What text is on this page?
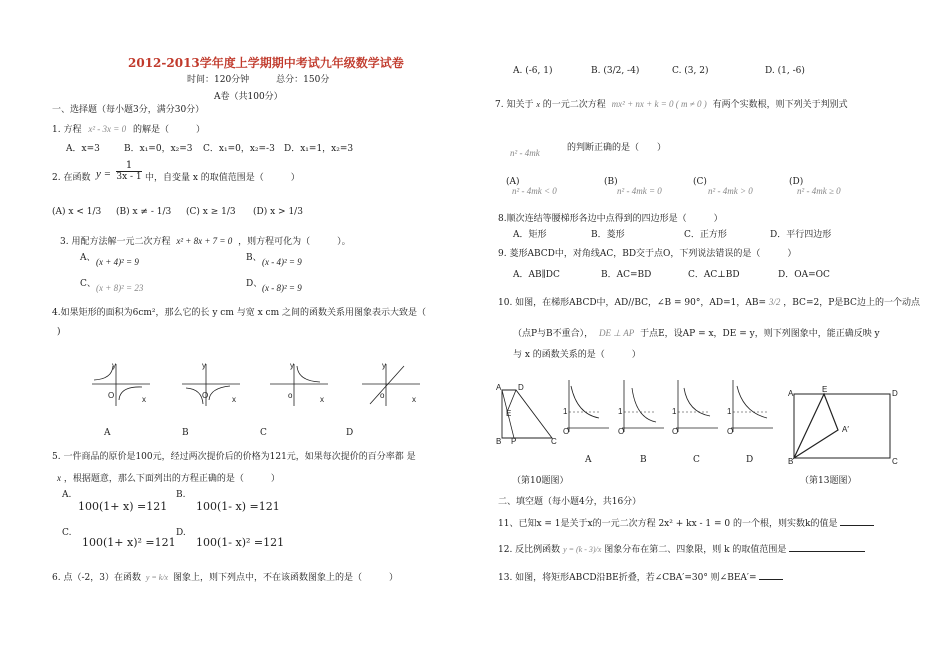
2012-2013学年度上学期期中考试九年级数学试卷
时间：120分钟　　　总分：150分
A卷（共100分）
一、选择题（每小题3分，满分30分）
1. 方程 x² - 3x = 0 的解是（　　　）
A．x=3	B．x₁=0，x₂=3 C．x₁=0，x₂=-3 D．x₁=1，x₂=3
2. 在函数 $y = \frac{1}{3x - 1}$ 中，自变量 x 的取值范围是（　　　）
(A) x < 1/3 (B) x ≠ - 1/3 (C) x ≥ 1/3 (D) x > 1/3
3. 用配方法解一元二次方程 x² + 8x + 7 = 0 ，则方程可化为（　　　）。
A、 (x + 4)² = 9	B、 (x - 4)² = 9
C、 (x + 8)² = 23	D、 (x - 8)² = 9
4.如果矩形的面积为6cm²，那么它的长 y cm 与宽 x cm 之间的函数关系用图象表示大致是（
)
y
O	x
y
O	x
y
o	x
y
o	x
A	B	C	D
5. 一件商品的原价是100元，经过两次提价后的价格为121元，如果每次提价的百分率都 是
x ，根据题意，那么下面列出的方程正确的是（　　　）
A.
100(1+ x) =121
B.
100(1- x) =121
C.
100(1+ x)² =121
D.
100(1- x)² =121
6. 点（-2，3）在函数 y = k/x 图象上，则下列点中，不在该函数图象上的是（　　　）
A. (-6, 1)	B. (3/2, -4)	C. (3, 2)	D. (1, -6)
7. 知关于 x 的一元二次方程 mx² + nx + k = 0 ( m ≠ 0 ) 有两个实数根，则下列关于判别式
n² - 4mk	的判断正确的是（　　）
(A)
n² - 4mk < 0
(B)
n² - 4mk = 0
(C)
n² - 4mk > 0
(D)
n² - 4mk ≥ 0
8.顺次连结等腰梯形各边中点得到的四边形是（　　　）
A．矩形	B．菱形	C．正方形	D．平行四边形
9. 菱形ABCD中，对角线AC，BD交于点O，下列说法错误的是（　　　）
A．AB∥DC	B．AC=BD	C．AC⊥BD	D．OA=OC
10. 如图，在梯形ABCD中，AD//BC，∠B = 90°，AD=1，AB= 3/2 ，BC=2，P是BC边上的一个动点
（点P与B不重合）， DE ⊥ AP 于点E，设AP = x，DE = y，则下列图象中，能正确反映 y
与 x 的函数关系的是（　　　）
A D
E
B P	C
1
O
1
O
1
O
1
O
A	B	C	D
（第10题图）
A	E	D
A′
B	C
（第13题图）
二、填空题（每小题4分，共16分）
11、已知x = 1是关于x的一元二次方程 2x² + kx - 1 = 0 的一个根，则实数k的值是
12. 反比例函数 y = (k - 3)/x 图象分布在第二、四象限，则 k 的取值范围是
13. 如图，将矩形ABCD沿BE折叠，若∠CBA′=30° 则∠BEA′=
